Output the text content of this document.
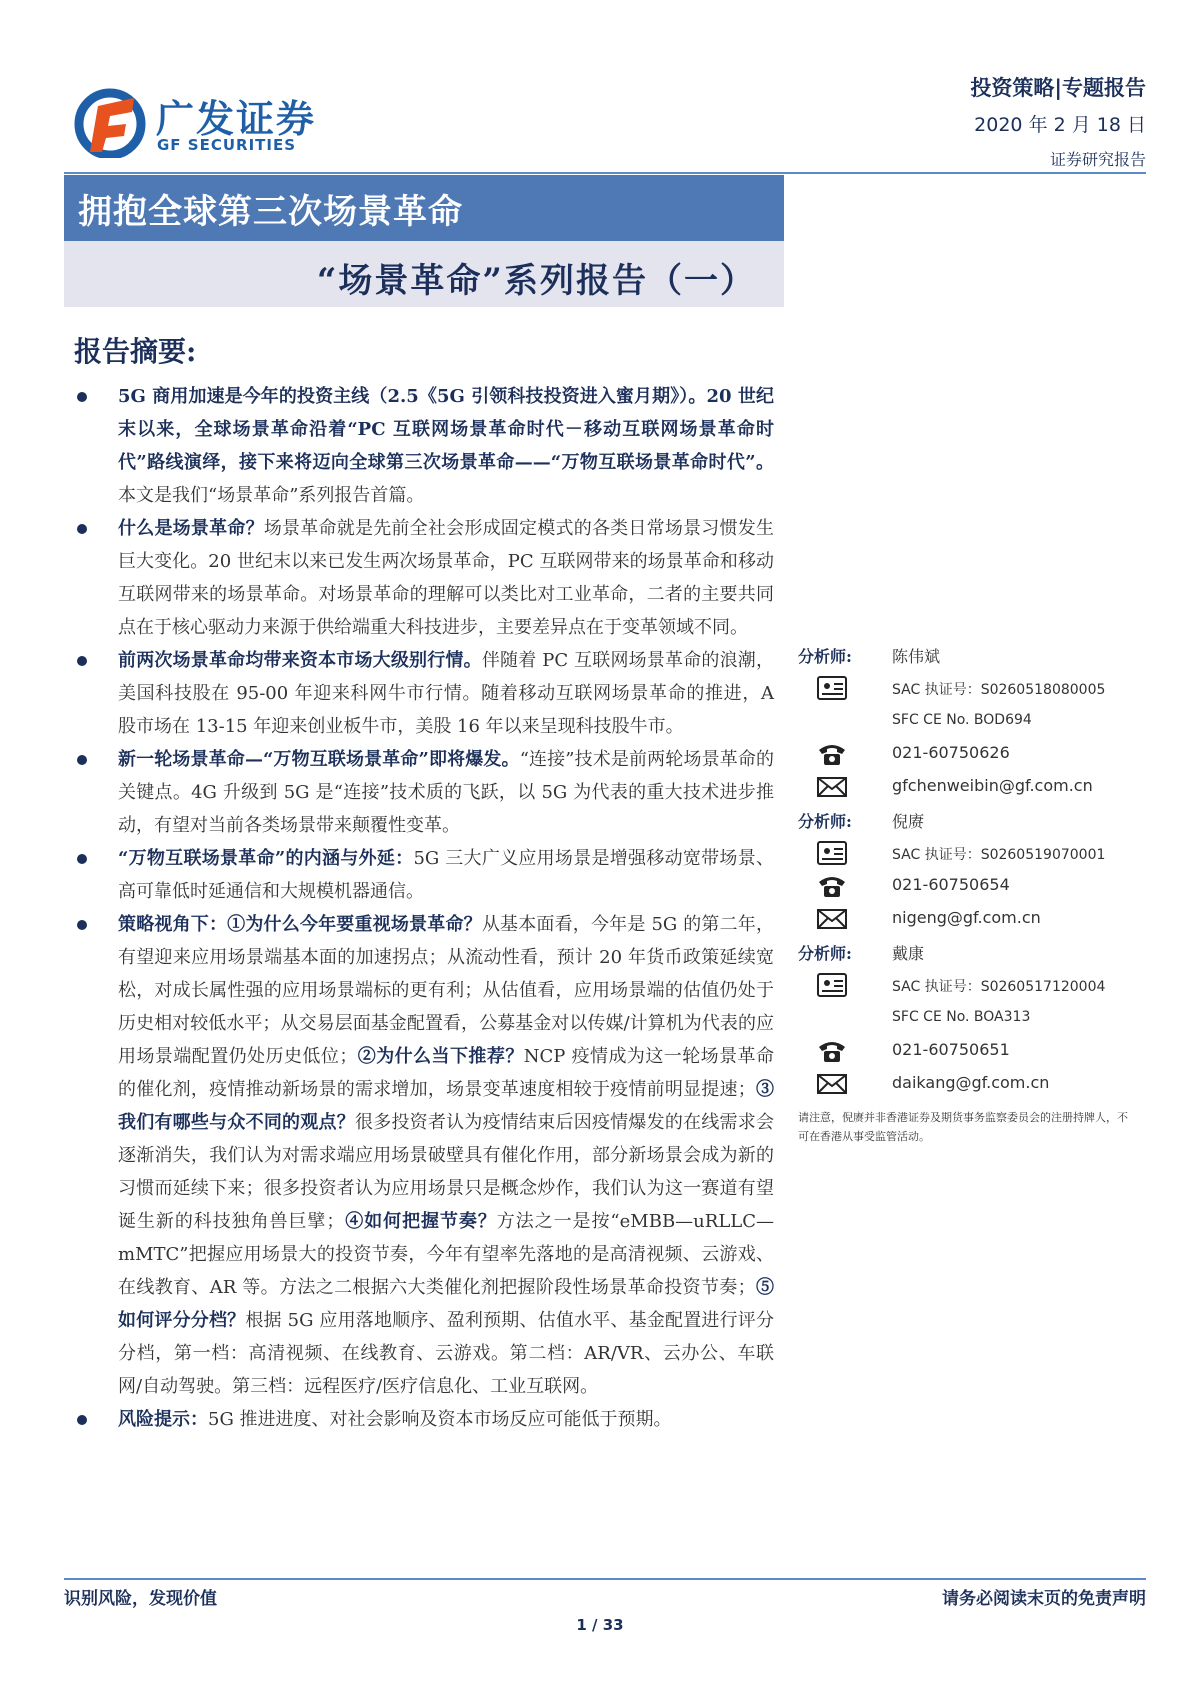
广发证券
GF SECURITIES
投资策略|专题报告
2020 年 2 月 18 日
证券研究报告
拥抱全球第三次场景革命
“场景革命”系列报告（一）
报告摘要:
5G 商用加速是今年的投资主线（2.5《5G 引领科技投资进入蜜月期》）。20 世纪末以来，全球场景革命沿着“PC 互联网场景革命时代－移动互联网场景革命时代”路线演绎，接下来将迈向全球第三次场景革命——“万物互联场景革命时代”。本文是我们“场景革命”系列报告首篇。
什么是场景革命？场景革命就是先前全社会形成固定模式的各类日常场景习惯发生巨大变化。20 世纪末以来已发生两次场景革命，PC 互联网带来的场景革命和移动互联网带来的场景革命。对场景革命的理解可以类比对工业革命，二者的主要共同点在于核心驱动力来源于供给端重大科技进步，主要差异点在于变革领域不同。
前两次场景革命均带来资本市场大级别行情。伴随着 PC 互联网场景革命的浪潮，美国科技股在 95-00 年迎来科网牛市行情。随着移动互联网场景革命的推进，A 股市场在 13-15 年迎来创业板牛市，美股 16 年以来呈现科技股牛市。
新一轮场景革命—“万物互联场景革命”即将爆发。“连接”技术是前两轮场景革命的关键点。4G 升级到 5G 是“连接”技术质的飞跃，以 5G 为代表的重大技术进步推动，有望对当前各类场景带来颠覆性变革。
“万物互联场景革命”的内涵与外延：5G 三大广义应用场景是增强移动宽带场景、高可靠低时延通信和大规模机器通信。
策略视角下：①为什么今年要重视场景革命？从基本面看，今年是 5G 的第二年，有望迎来应用场景端基本面的加速拐点；从流动性看，预计 20 年货币政策延续宽松，对成长属性强的应用场景端标的更有利；从估值看，应用场景端的估值仍处于历史相对较低水平；从交易层面基金配置看，公募基金对以传媒/计算机为代表的应用场景端配置仍处历史低位；②为什么当下推荐？NCP 疫情成为这一轮场景革命的催化剂，疫情推动新场景的需求增加，场景变革速度相较于疫情前明显提速；③我们有哪些与众不同的观点？很多投资者认为疫情结束后因疫情爆发的在线需求会逐渐消失，我们认为对需求端应用场景破壁具有催化作用，部分新场景会成为新的习惯而延续下来；很多投资者认为应用场景只是概念炒作，我们认为这一赛道有望诞生新的科技独角兽巨擘；④如何把握节奏？方法之一是按“eMBB—uRLLC—mMTC”把握应用场景大的投资节奏，今年有望率先落地的是高清视频、云游戏、在线教育、AR 等。方法之二根据六大类催化剂把握阶段性场景革命投资节奏；⑤如何评分分档？根据 5G 应用落地顺序、盈利预期、估值水平、基金配置进行评分分档，第一档：高清视频、在线教育、云游戏。第二档：AR/VR、云办公、车联网/自动驾驶。第三档：远程医疗/医疗信息化、工业互联网。
风险提示：5G 推进进度、对社会影响及资本市场反应可能低于预期。
分析师:	陈伟斌
SAC 执证号：S0260518080005
SFC CE No. BOD694
021-60750626
gfchenweibin@gf.com.cn
分析师:	倪赓
SAC 执证号：S0260519070001
021-60750654
nigeng@gf.com.cn
分析师:	戴康
SAC 执证号：S0260517120004
SFC CE No. BOA313
021-60750651
daikang@gf.com.cn
请注意，倪赓并非香港证券及期货事务监察委员会的注册持牌人，不可在香港从事受监管活动。
识别风险，发现价值	请务必阅读末页的免责声明
1 / 33
